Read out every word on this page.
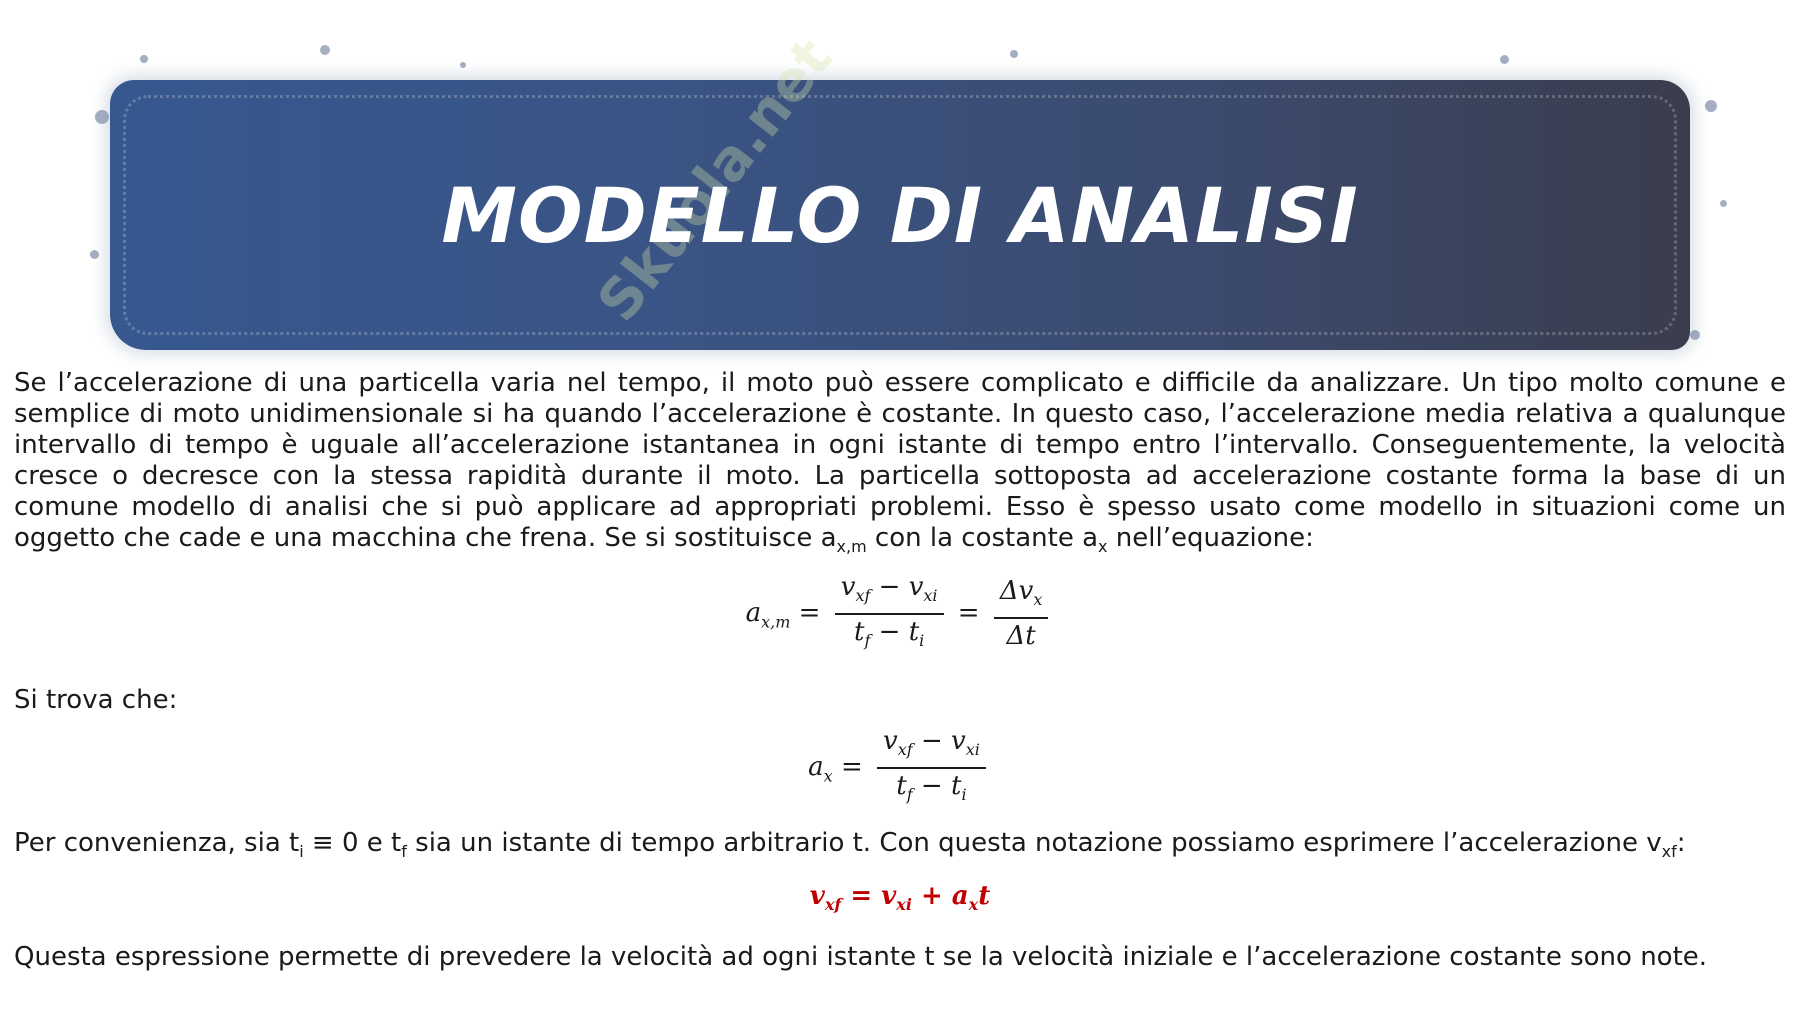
Skuola.net
MODELLO DI ANALISI

Se l’accelerazione di una particella varia nel tempo, il moto può essere complicato e difficile da analizzare. Un tipo molto comune e semplice di moto unidimensionale si ha quando l’accelerazione è costante. In questo caso, l’accelerazione media relativa a qualunque intervallo di tempo è uguale all’accelerazione istantanea in ogni istante di tempo entro l’intervallo. Conseguentemente, la velocità cresce o decresce con la stessa rapidità durante il moto. La particella sottoposta ad accelerazione costante forma la base di un comune modello di analisi che si può applicare ad appropriati problemi. Esso è spesso usato come modello in situazioni come un oggetto che cade e una macchina che frena. Se si sostituisce $a_{x,m}$ con la costante $a_x$ nell’equazione:

$a_{x,m} = \frac{v_{xf} - v_{xi}}{t_f - t_i} = \frac{\Delta v_x}{\Delta t}$

Si trova che:

$a_x = \frac{v_{xf} - v_{xi}}{t_f - t_i}$

Per convenienza, sia $t_i \equiv 0$ e $t_f$ sia un istante di tempo arbitrario t. Con questa notazione possiamo esprimere l’accelerazione $v_{xf}$:

$v_{xf} = v_{xi} + a_xt$

Questa espressione permette di prevedere la velocità ad ogni istante t se la velocità iniziale e l’accelerazione costante sono note.
